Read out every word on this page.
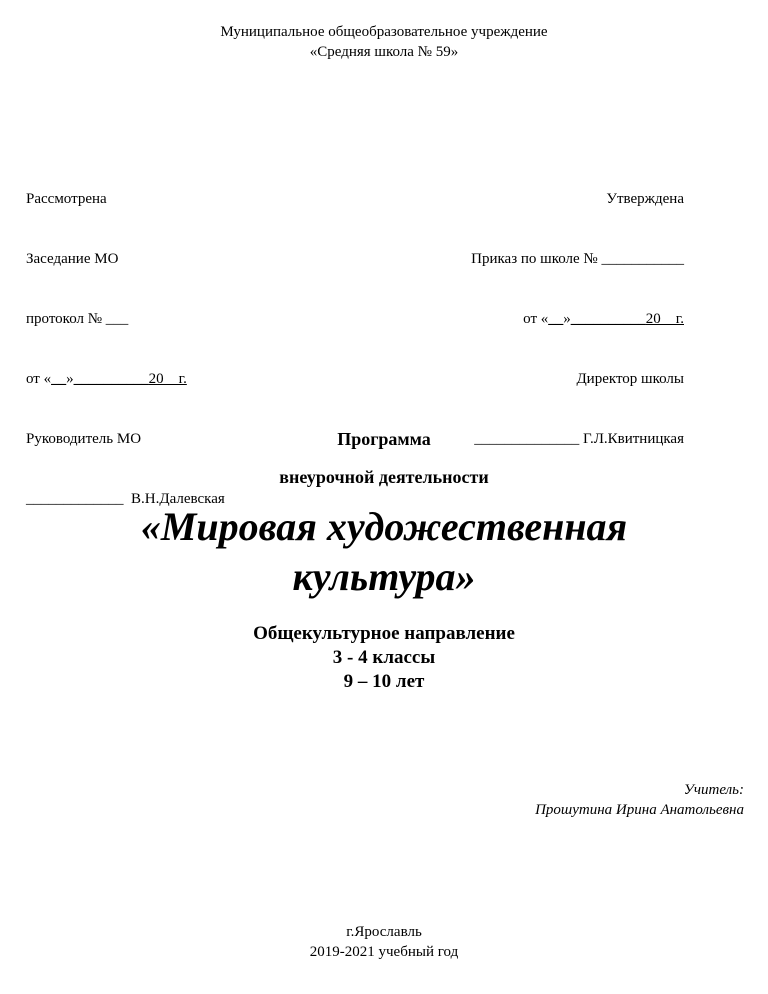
Муниципальное общеобразовательное учреждение
«Средняя школа № 59»

Рассмотрена

Заседание МО

протокол № ___

от «__»__________20    г.

Руководитель МО

_____________  В.Н.Далевская

Утверждена

Приказ по школе № ___________

от «__»__________20    г.

Директор школы

______________ Г.Л.Квитницкая

Программа
внеурочной деятельности
«Мировая художественная
культура»
Общекультурное направление
3 - 4 классы
9 – 10 лет
Учитель:
Прошутина Ирина Анатольевна
г.Ярославль
2019-2021 учебный год
